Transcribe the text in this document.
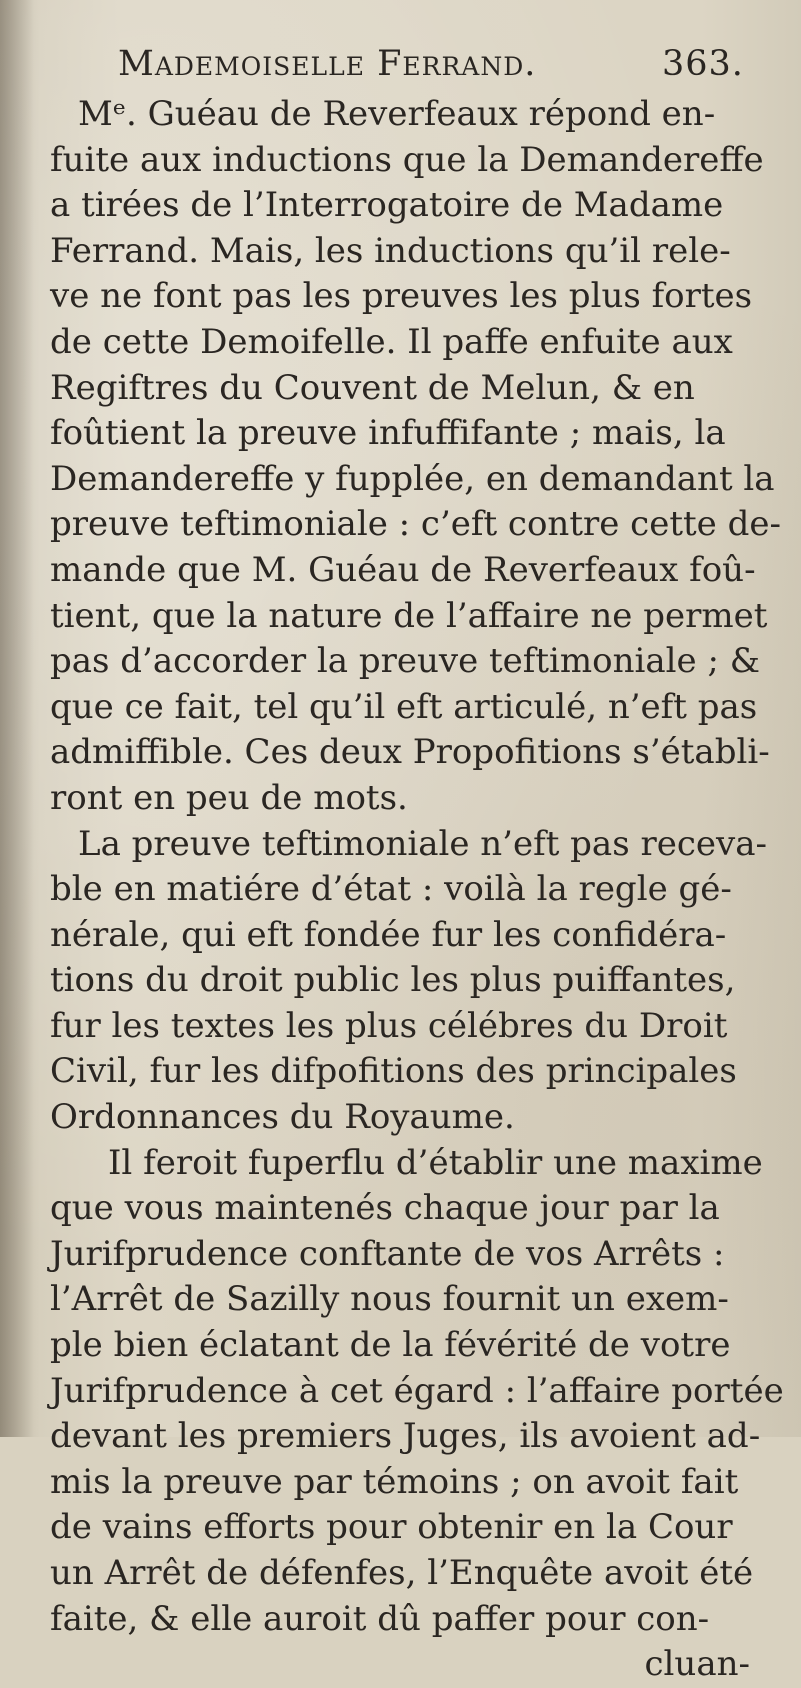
Mademoiselle Ferrand.	363.
Mᵉ. Guéau de Reverfeaux répond en-
fuite aux inductions que la Demandereffe
a tirées de l’Interrogatoire de Madame
Ferrand. Mais, les inductions qu’il rele-
ve ne font pas les preuves les plus fortes
de cette Demoifelle. Il paffe enfuite aux
Regiftres du Couvent de Melun, & en
foûtient la preuve infuffifante ; mais, la
Demandereffe y fupplée, en demandant la
preuve teftimoniale : c’eft contre cette de-
mande que M. Guéau de Reverfeaux foû-
tient, que la nature de l’affaire ne permet
pas d’accorder la preuve teftimoniale ; &
que ce fait, tel qu’il eft articulé, n’eft pas
admiffible. Ces deux Propofitions s’établi-
ront en peu de mots.
La preuve teftimoniale n’eft pas receva-
ble en matiére d’état : voilà la regle gé-
nérale, qui eft fondée fur les confidéra-
tions du droit public les plus puiffantes,
fur les textes les plus célébres du Droit
Civil, fur les difpofitions des principales
Ordonnances du Royaume.
Il feroit fuperflu d’établir une maxime
que vous maintenés chaque jour par la
Jurifprudence conftante de vos Arrêts :
l’Arrêt de Sazilly nous fournit un exem-
ple bien éclatant de la févérité de votre
Jurifprudence à cet égard : l’affaire portée
devant les premiers Juges, ils avoient ad-
mis la preuve par témoins ; on avoit fait
de vains efforts pour obtenir en la Cour
un Arrêt de défenfes, l’Enquête avoit été
faite, & elle auroit dû paffer pour con-
cluan-
